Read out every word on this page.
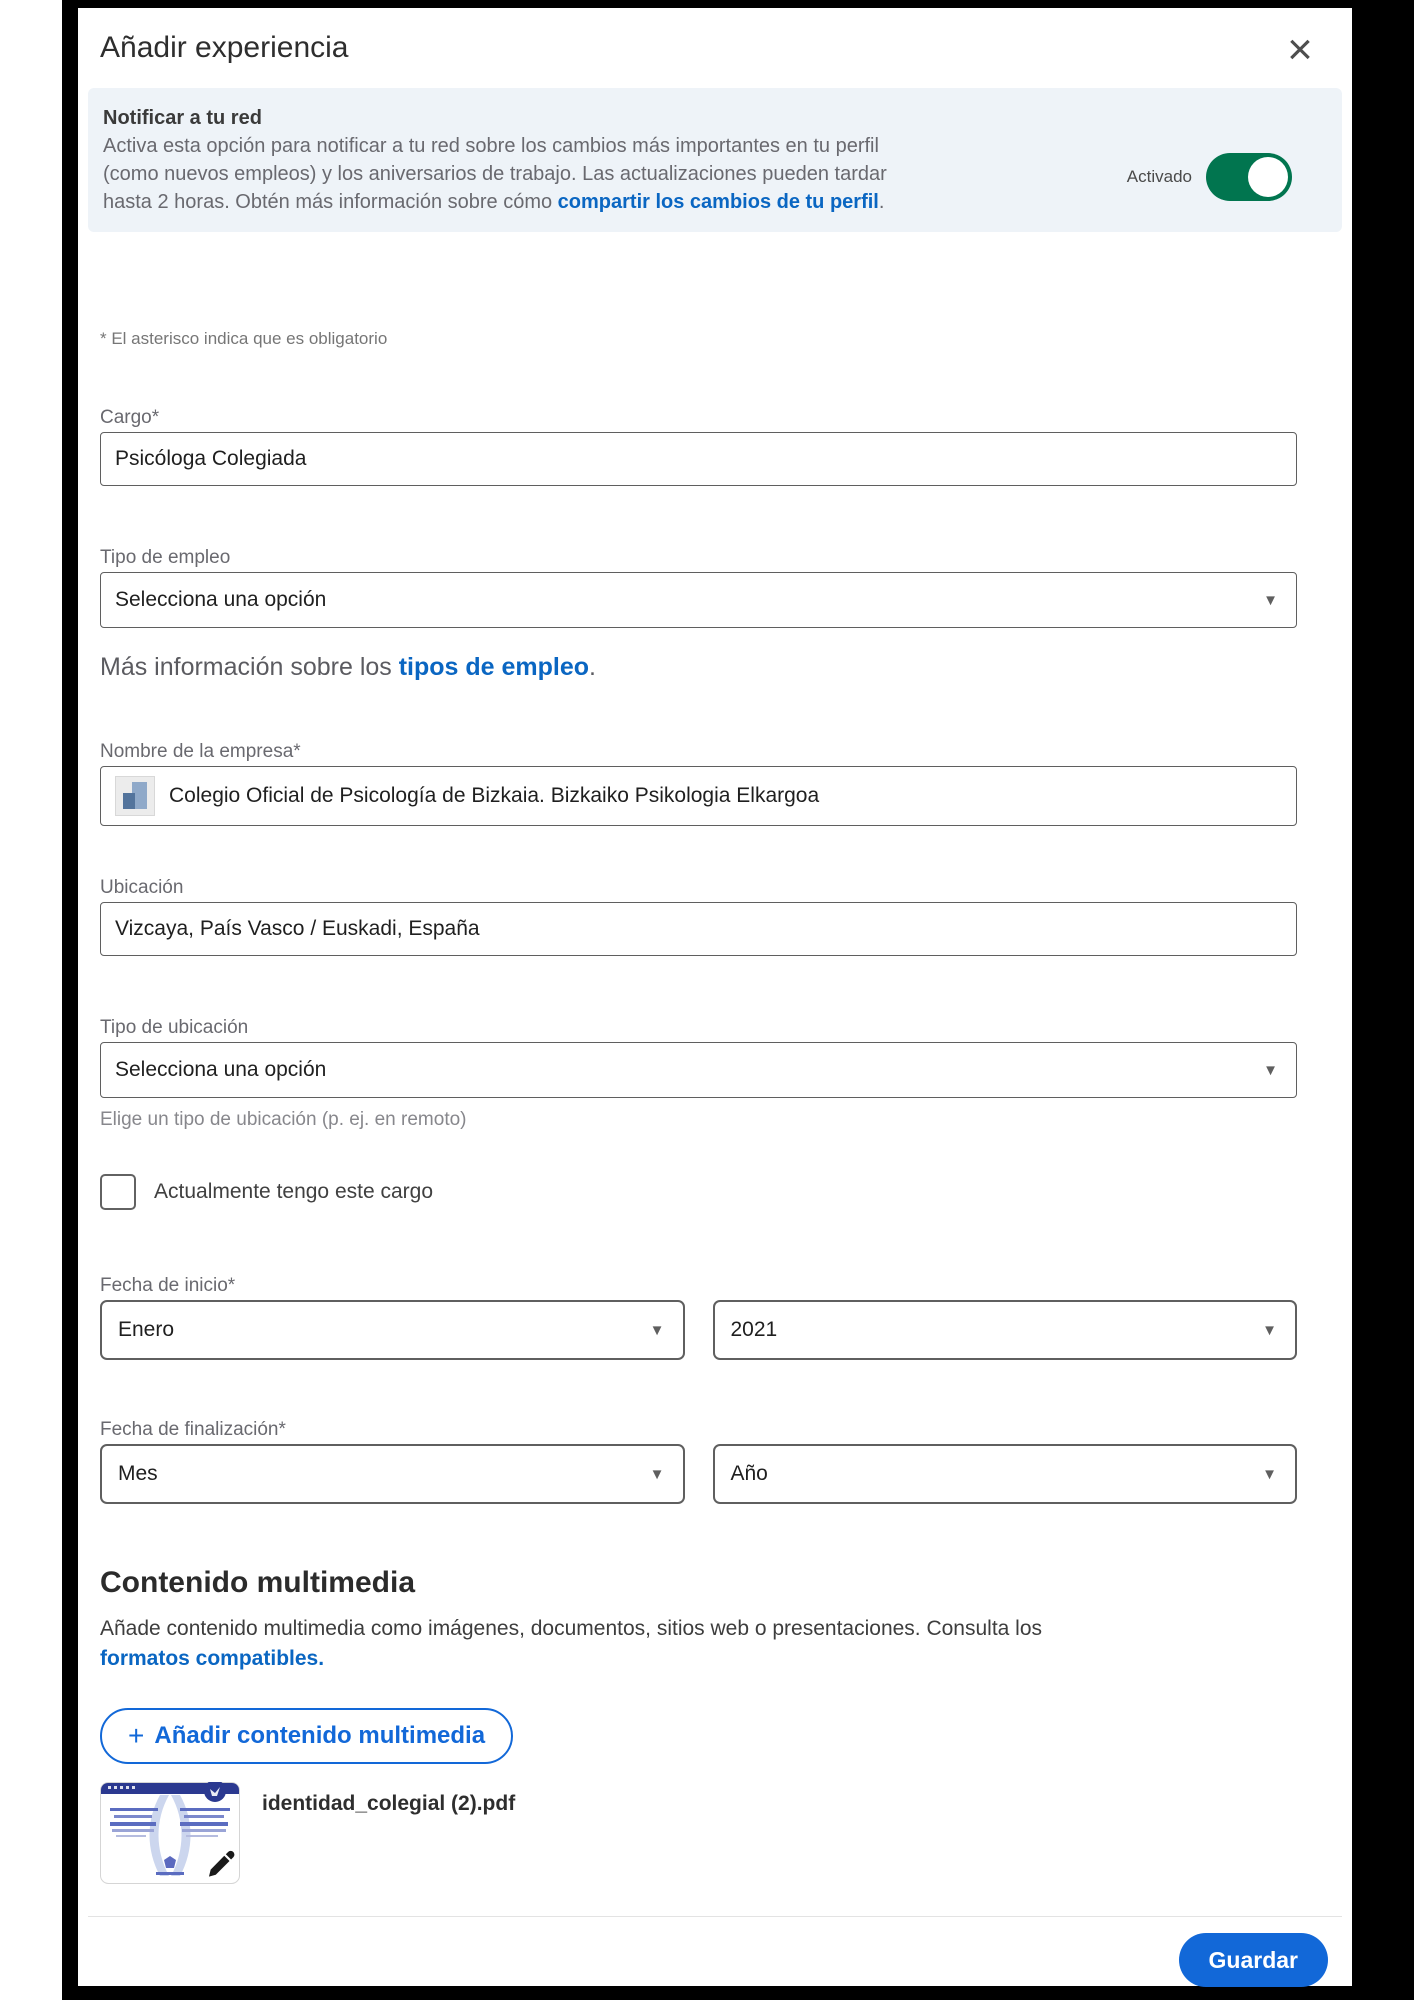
Añadir experiencia	×
Notificar a tu red
Activa esta opción para notificar a tu red sobre los cambios más importantes en tu perfil (como nuevos empleos) y los aniversarios de trabajo. Las actualizaciones pueden tardar hasta 2 horas. Obtén más información sobre cómo compartir los cambios de tu perfil.
Activado
* El asterisco indica que es obligatorio
Cargo*
Psicóloga Colegiada
Tipo de empleo
Selecciona una opción	▼
Más información sobre los tipos de empleo.
Nombre de la empresa*
Colegio Oficial de Psicología de Bizkaia. Bizkaiko Psikologia Elkargoa
Ubicación
Vizcaya, País Vasco / Euskadi, España
Tipo de ubicación
Selecciona una opción	▼
Elige un tipo de ubicación (p. ej. en remoto)
Actualmente tengo este cargo
Fecha de inicio*
Enero	▼	2021	▼
Fecha de finalización*
Mes	▼	Año	▼
Contenido multimedia
Añade contenido multimedia como imágenes, documentos, sitios web o presentaciones. Consulta los
formatos compatibles.
+ Añadir contenido multimedia
identidad_colegial (2).pdf
Guardar
